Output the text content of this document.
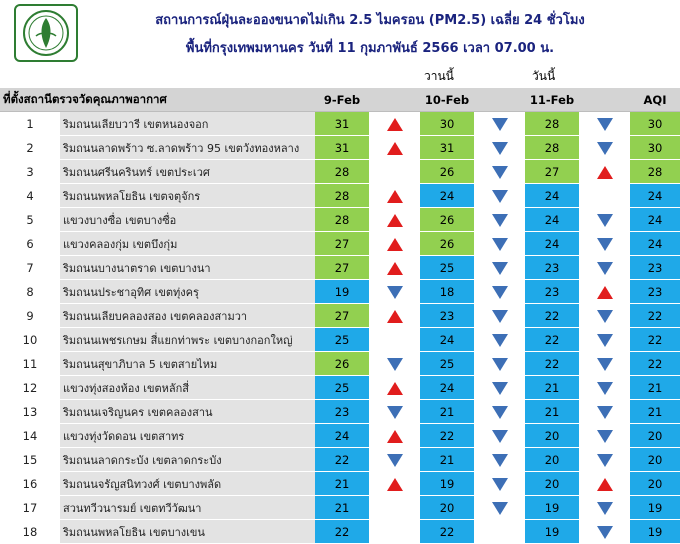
สถานการณ์ฝุ่นละอองขนาดไม่เกิน 2.5 ไมครอน (PM2.5) เฉลี่ย 24 ชั่วโมง
พื้นที่กรุงเทพมหานคร วันที่ 11 กุมภาพันธ์ 2566 เวลา 07.00 น.
วานนี้	วันนี้
ที่ตั้งสถานีตรวจวัดคุณภาพอากาศ		9-Feb		10-Feb		11-Feb		AQI
1	ริมถนนเลียบวารี เขตหนองจอก	31		30		28		30
2	ริมถนนลาดพร้าว ซ.ลาดพร้าว 95 เขตวังทองหลาง	31		31		28		30
3	ริมถนนศรีนครินทร์ เขตประเวศ	28		26		27		28
4	ริมถนนพหลโยธิน เขตจตุจักร	28		24		24		24
5	แขวงบางซื่อ เขตบางซื่อ	28		26		24		24
6	แขวงคลองกุ่ม เขตบึงกุ่ม	27		26		24		24
7	ริมถนนบางนาตราด เขตบางนา	27		25		23		23
8	ริมถนนประชาอุทิศ เขตทุ่งครุ	19		18		23		23
9	ริมถนนเลียบคลองสอง เขตคลองสามวา	27		23		22		22
10	ริมถนนเพชรเกษม สี่แยกท่าพระ เขตบางกอกใหญ่	25		24		22		22
11	ริมถนนสุขาภิบาล 5 เขตสายไหม	26		25		22		22
12	แขวงทุ่งสองห้อง เขตหลักสี่	25		24		21		21
13	ริมถนนเจริญนคร เขตคลองสาน	23		21		21		21
14	แขวงทุ่งวัดดอน เขตสาทร	24		22		20		20
15	ริมถนนลาดกระบัง เขตลาดกระบัง	22		21		20		20
16	ริมถนนจรัญสนิทวงศ์ เขตบางพลัด	21		19		20		20
17	สวนทวีวนารมย์ เขตทวีวัฒนา	21		20		19		19
18	ริมถนนพหลโยธิน เขตบางเขน	22		22		19		19
